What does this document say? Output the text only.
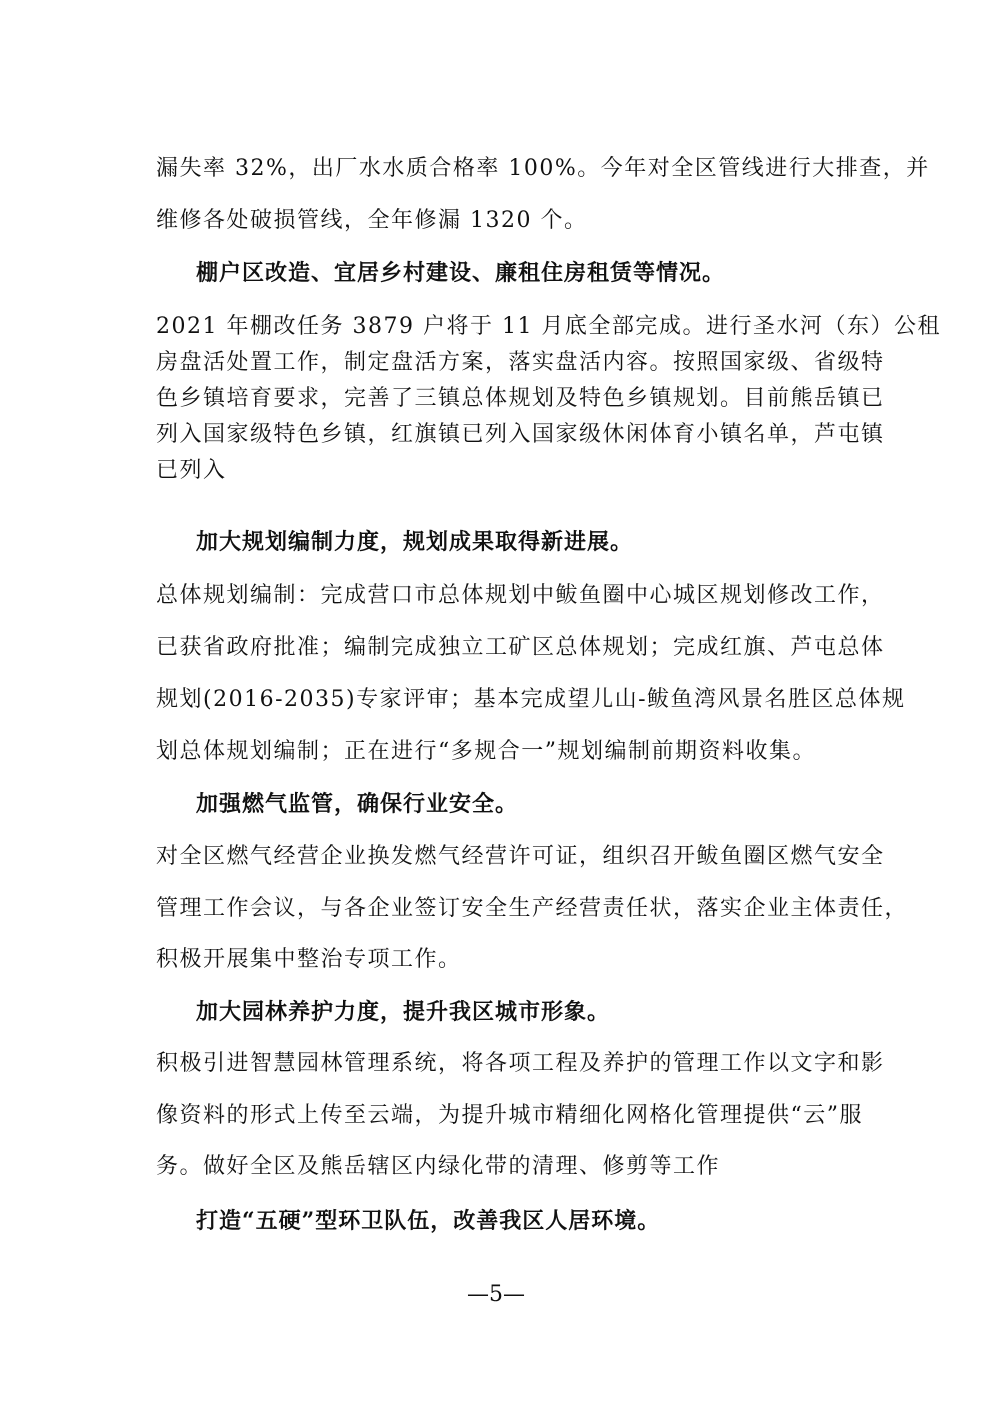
漏失率 32%，出厂水水质合格率 100%。今年对全区管线进行大排查，并
维修各处破损管线，全年修漏 1320 个。
棚户区改造、宜居乡村建设、廉租住房租赁等情况。
2021 年棚改任务 3879 户将于 11 月底全部完成。进行圣水河（东）公租
房盘活处置工作，制定盘活方案，落实盘活内容。按照国家级、省级特
色乡镇培育要求，完善了三镇总体规划及特色乡镇规划。目前熊岳镇已
列入国家级特色乡镇，红旗镇已列入国家级休闲体育小镇名单，芦屯镇
已列入
加大规划编制力度，规划成果取得新进展。
总体规划编制：完成营口市总体规划中鲅鱼圈中心城区规划修改工作，
已获省政府批准；编制完成独立工矿区总体规划；完成红旗、芦屯总体
规划(2016-2035)专家评审；基本完成望儿山-鲅鱼湾风景名胜区总体规
划总体规划编制；正在进行“多规合一”规划编制前期资料收集。
加强燃气监管，确保行业安全。
对全区燃气经营企业换发燃气经营许可证，组织召开鲅鱼圈区燃气安全
管理工作会议，与各企业签订安全生产经营责任状，落实企业主体责任，
积极开展集中整治专项工作。
加大园林养护力度，提升我区城市形象。
积极引进智慧园林管理系统，将各项工程及养护的管理工作以文字和影
像资料的形式上传至云端，为提升城市精细化网格化管理提供“云”服
务。做好全区及熊岳辖区内绿化带的清理、修剪等工作
打造“五硬”型环卫队伍，改善我区人居环境。
—5—
